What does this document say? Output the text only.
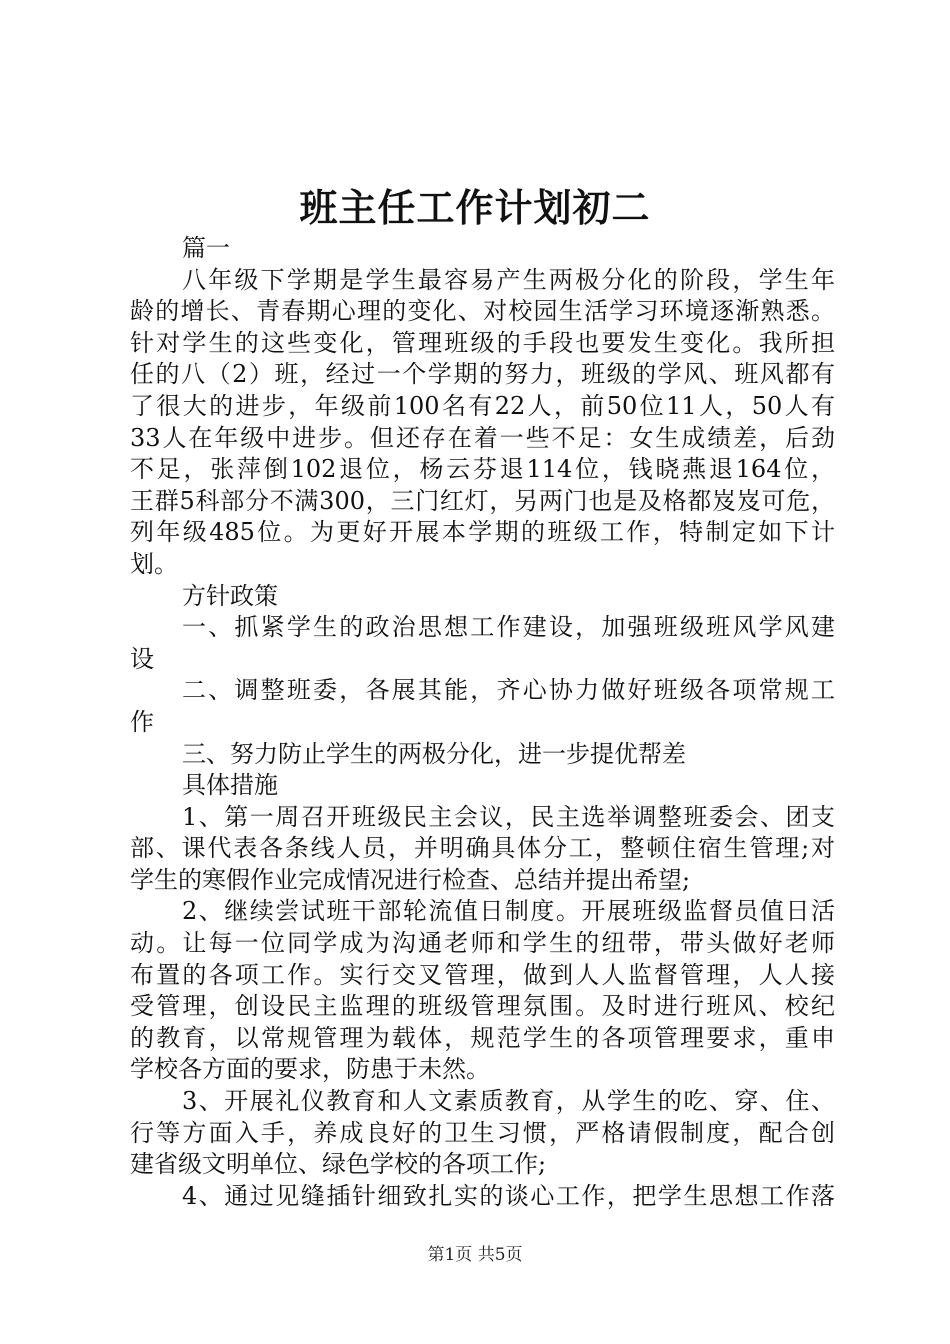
班主任工作计划初二
篇一
八年级下学期是学生最容易产生两极分化的阶段，学生年
龄的增长、青春期心理的变化、对校园生活学习环境逐渐熟悉。
针对学生的这些变化，管理班级的手段也要发生变化。我所担
任的八（2）班，经过一个学期的努力，班级的学风、班风都有
了很大的进步，年级前100名有22人，前50位11人，50人有
33人在年级中进步。但还存在着一些不足：女生成绩差，后劲
不足，张萍倒102退位，杨云芬退114位，钱晓燕退164位，
王群5科部分不满300，三门红灯，另两门也是及格都岌岌可危，
列年级485位。为更好开展本学期的班级工作，特制定如下计
划。
方针政策
一、抓紧学生的政治思想工作建设，加强班级班风学风建
设
二、调整班委，各展其能，齐心协力做好班级各项常规工
作
三、努力防止学生的两极分化，进一步提优帮差
具体措施
1、第一周召开班级民主会议，民主选举调整班委会、团支
部、课代表各条线人员，并明确具体分工，整顿住宿生管理;对
学生的寒假作业完成情况进行检查、总结并提出希望;
2、继续尝试班干部轮流值日制度。开展班级监督员值日活
动。让每一位同学成为沟通老师和学生的纽带，带头做好老师
布置的各项工作。实行交叉管理，做到人人监督管理，人人接
受管理，创设民主监理的班级管理氛围。及时进行班风、校纪
的教育，以常规管理为载体，规范学生的各项管理要求，重申
学校各方面的要求，防患于未然。
3、开展礼仪教育和人文素质教育，从学生的吃、穿、住、
行等方面入手，养成良好的卫生习惯，严格请假制度，配合创
建省级文明单位、绿色学校的各项工作;
4、通过见缝插针细致扎实的谈心工作，把学生思想工作落
第1页 共5页
